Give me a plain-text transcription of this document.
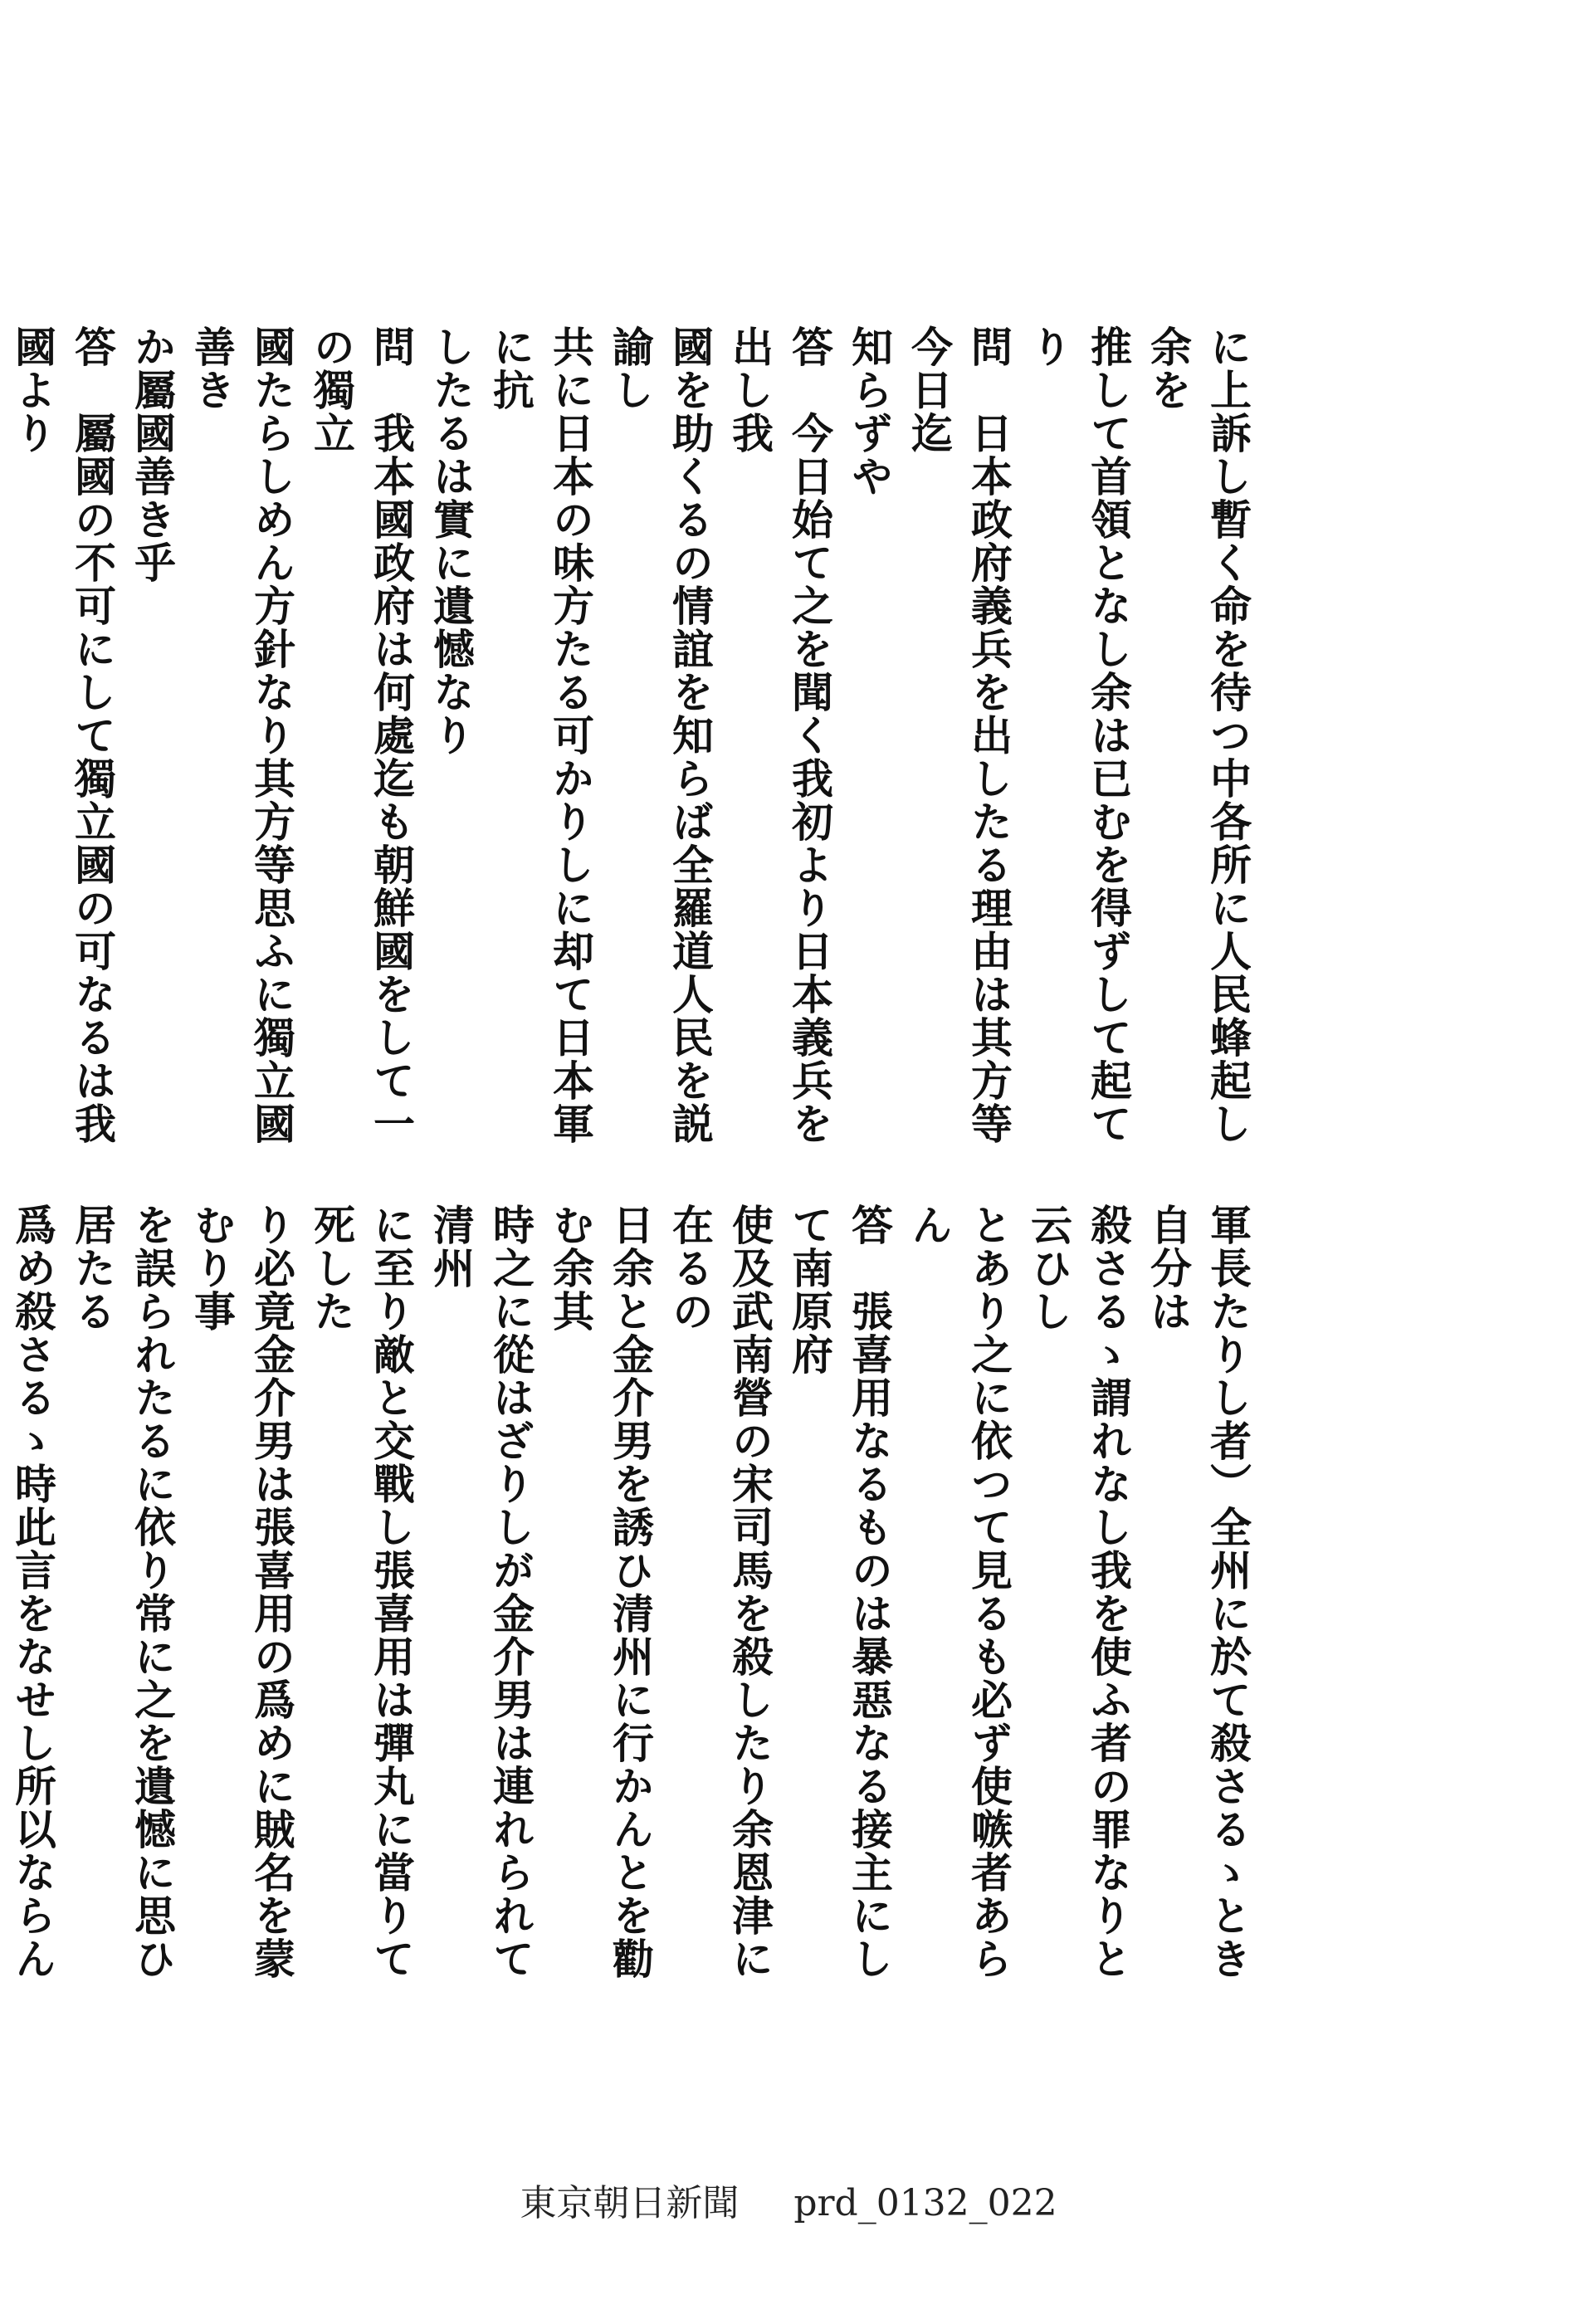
に上訴し暫く命を待つ中各所に人民蜂起し余を
推して首領となし余は已むを得ずして起てり
問　日本政府義兵を出したる理由は其方等今日迄
知らずや
答　今日始て之を聞く我初より日本義兵を出し我
國を助くるの情誼を知らば全羅道人民を説諭し
共に日本の味方たる可かりしに却て日本軍に抗
したるは實に遺憾なり
問　我本國政府は何處迄も朝鮮國をして一の獨立
國たらしめん方針なり其方等思ふに獨立國善き
か屬國善き乎
答　屬國の不可にして獨立國の可なるは我國より
軍長たりし者）全州に於て殺さるゝとき自分は
殺さるゝ謂れなし我を使ふ者の罪なりと云ひし
とあり之に依つて見るも必ず使嗾者あらん
答　張喜用なるものは暴惡なる接主にして南原府
使及武南營の宋司馬を殺したり余恩津に在るの
日余と金介男を誘ひ清州に行かんとを勸む余其
時之に從はざりしが金介男は連れられて清州
に至り敵と交戰し張喜用は彈丸に當りて死した
り必竟金介男は張喜用の爲めに賊名を蒙むり事
を誤られたるに依り常に之を遺憾に思ひ居たる
爲め殺さるゝ時此言をなせし所以ならん
東京朝日新聞 prd_0132_022
